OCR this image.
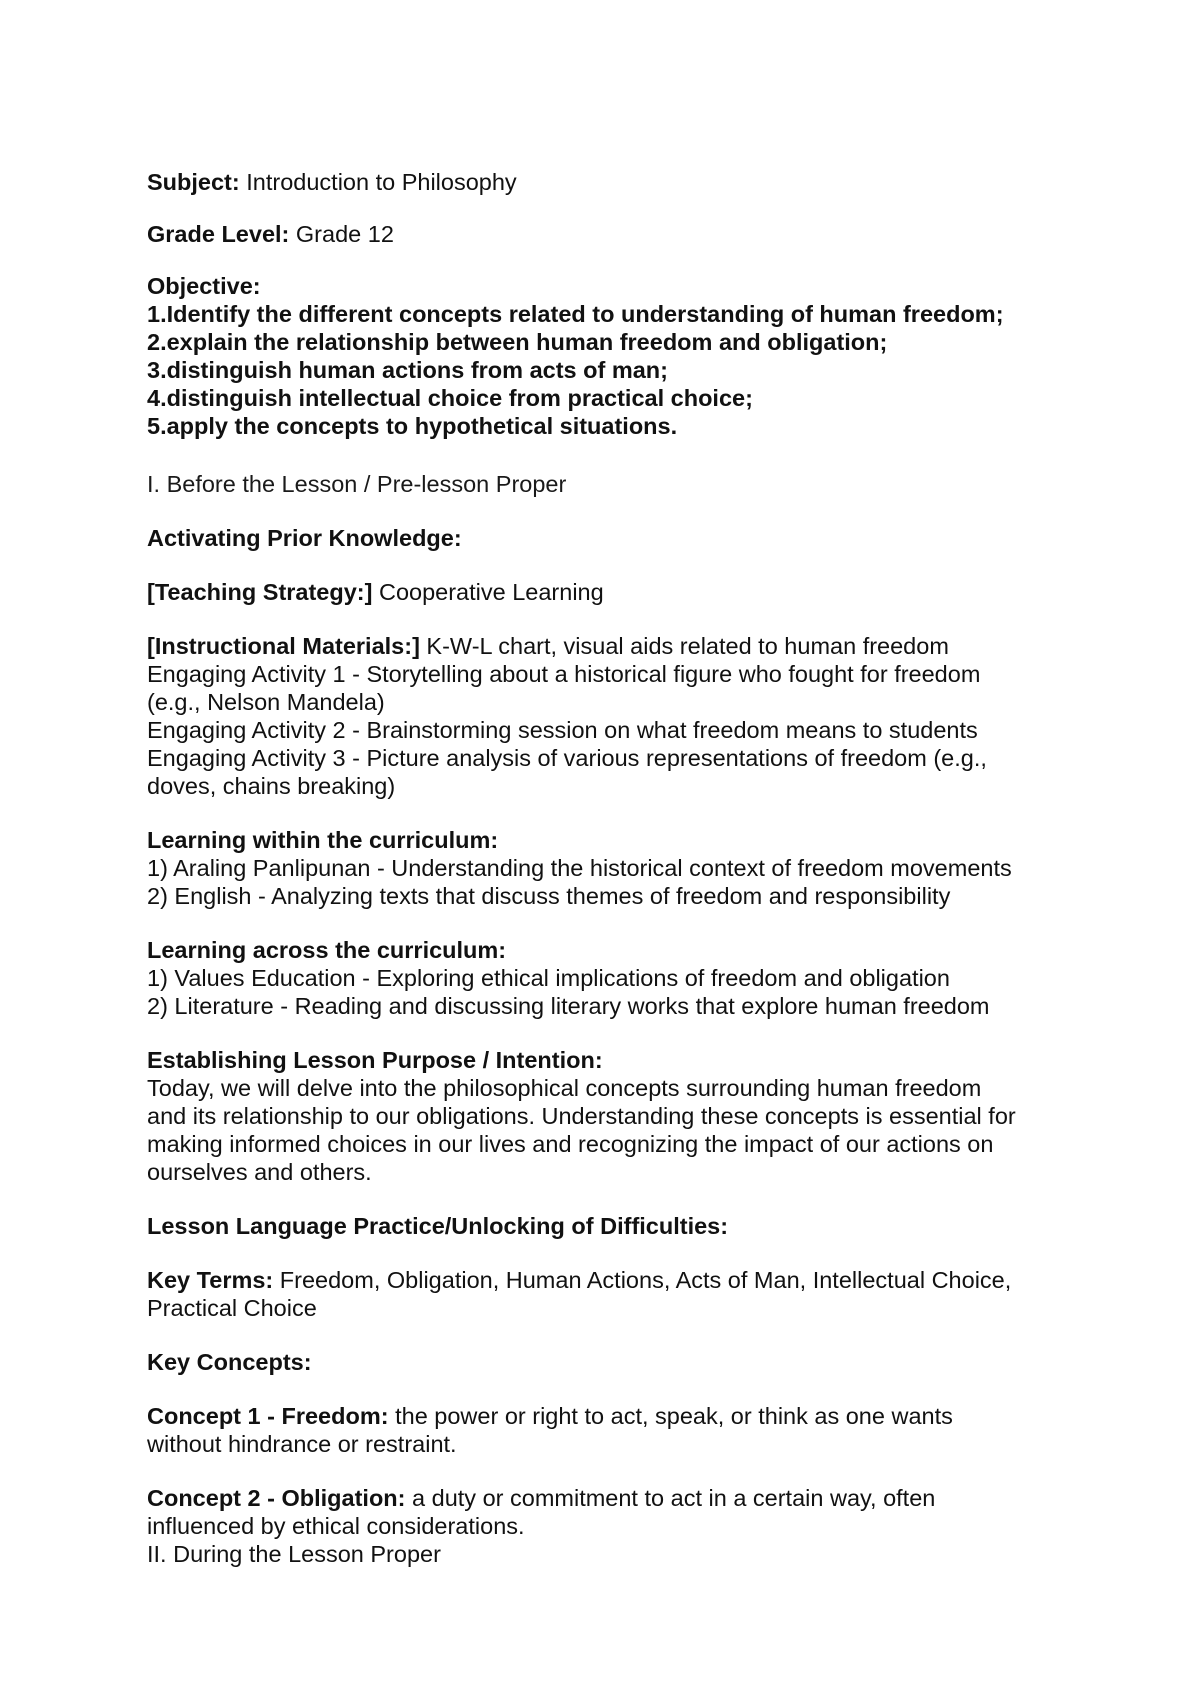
Subject: Introduction to Philosophy

Grade Level: Grade 12

Objective:

1.Identify the different concepts related to understanding of human freedom;

2.explain the relationship between human freedom and obligation;

3.distinguish human actions from acts of man;

4.distinguish intellectual choice from practical choice;

5.apply the concepts to hypothetical situations.

I. Before the Lesson / Pre-lesson Proper

Activating Prior Knowledge:

[Teaching Strategy:] Cooperative Learning

[Instructional Materials:] K-W-L chart, visual aids related to human freedom

Engaging Activity 1 - Storytelling about a historical figure who fought for freedom

(e.g., Nelson Mandela)

Engaging Activity 2 - Brainstorming session on what freedom means to students

Engaging Activity 3 - Picture analysis of various representations of freedom (e.g.,

doves, chains breaking)

Learning within the curriculum:

1) Araling Panlipunan - Understanding the historical context of freedom movements

2) English - Analyzing texts that discuss themes of freedom and responsibility

Learning across the curriculum:

1) Values Education - Exploring ethical implications of freedom and obligation

2) Literature - Reading and discussing literary works that explore human freedom

Establishing Lesson Purpose / Intention:

Today, we will delve into the philosophical concepts surrounding human freedom

and its relationship to our obligations. Understanding these concepts is essential for

making informed choices in our lives and recognizing the impact of our actions on

ourselves and others.

Lesson Language Practice/Unlocking of Difficulties:

Key Terms: Freedom, Obligation, Human Actions, Acts of Man, Intellectual Choice,

Practical Choice

Key Concepts:

Concept 1 - Freedom: the power or right to act, speak, or think as one wants

without hindrance or restraint.

Concept 2 - Obligation: a duty or commitment to act in a certain way, often

influenced by ethical considerations.

II. During the Lesson Proper
